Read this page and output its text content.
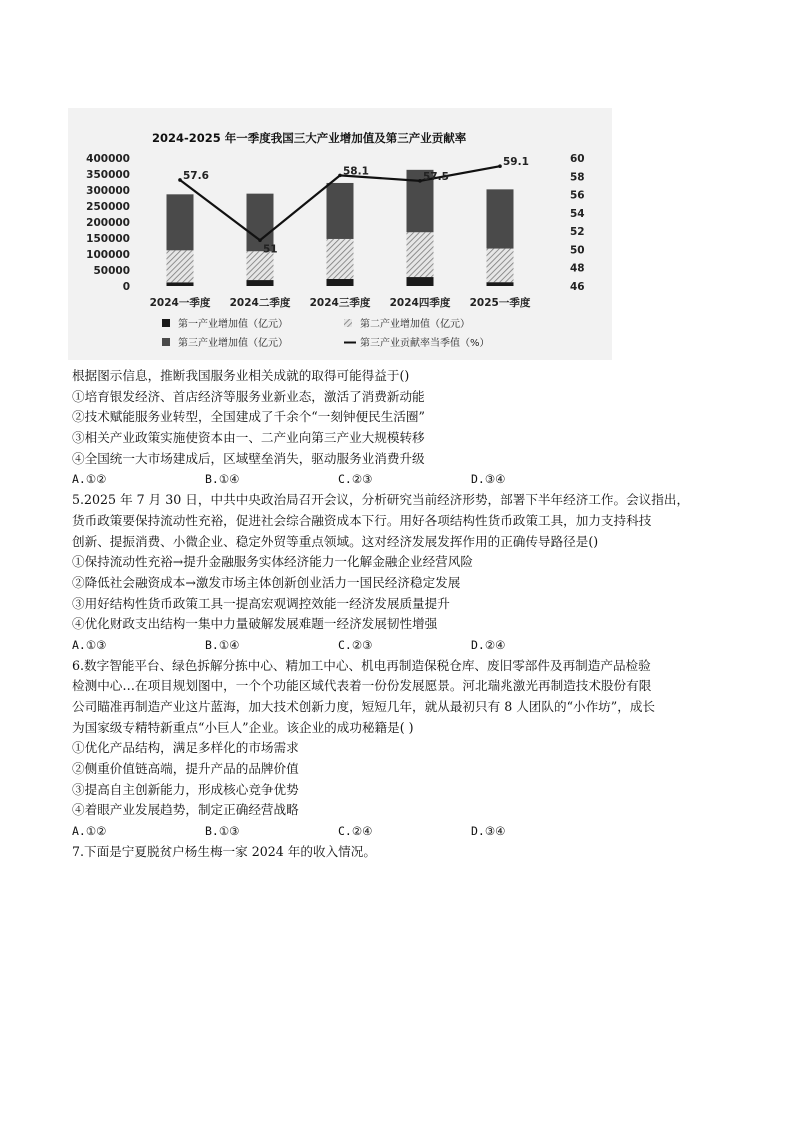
2024-2025 年一季度我国三大产业增加值及第三产业贡献率
400000
350000
300000
250000
200000
150000
100000
50000
0
60
58
56
54
52
50
48
46
57.6
51
58.1	57.5
59.1
2024一季度 2024二季度 2024三季度 2024四季度 2025一季度
第一产业增加值（亿元）	第二产业增加值（亿元）
第三产业增加值（亿元）	第三产业贡献率当季值（%）
根据图示信息，推断我国服务业相关成就的取得可能得益于()
①培育银发经济、首店经济等服务业新业态，激活了消费新动能
②技术赋能服务业转型，全国建成了千余个“一刻钟便民生活圈”
③相关产业政策实施使资本由一、二产业向第三产业大规模转移
④全国统一大市场建成后，区域壁垒消失，驱动服务业消费升级
A.①②	B.①④	C.②③	D.③④
5.2025 年 7 月 30 日，中共中央政治局召开会议，分析研究当前经济形势，部署下半年经济工作。会议指出，
货币政策要保持流动性充裕，促进社会综合融资成本下行。用好各项结构性货币政策工具，加力支持科技
创新、提振消费、小微企业、稳定外贸等重点领域。这对经济发展发挥作用的正确传导路径是()
①保持流动性充裕→提升金融服务实体经济能力一化解金融企业经营风险
②降低社会融资成本→激发市场主体创新创业活力一国民经济稳定发展
③用好结构性货币政策工具一提高宏观调控效能一经济发展质量提升
④优化财政支出结构一集中力量破解发展难题一经济发展韧性增强
A.①③	B.①④	C.②③	D.②④
6.数字智能平台、绿色拆解分拣中心、精加工中心、机电再制造保税仓库、废旧零部件及再制造产品检验
检测中心…在项目规划图中，一个个功能区域代表着一份份发展愿景。河北瑞兆激光再制造技术股份有限
公司瞄准再制造产业这片蓝海，加大技术创新力度，短短几年，就从最初只有 8 人团队的“小作坊”，成长
为国家级专精特新重点“小巨人”企业。该企业的成功秘籍是( )
①优化产品结构，满足多样化的市场需求
②侧重价值链高端，提升产品的品牌价值
③提高自主创新能力，形成核心竞争优势
④着眼产业发展趋势，制定正确经营战略
A.①②	B.①③	C.②④	D.③④
7.下面是宁夏脱贫户杨生梅一家 2024 年的收入情况。
